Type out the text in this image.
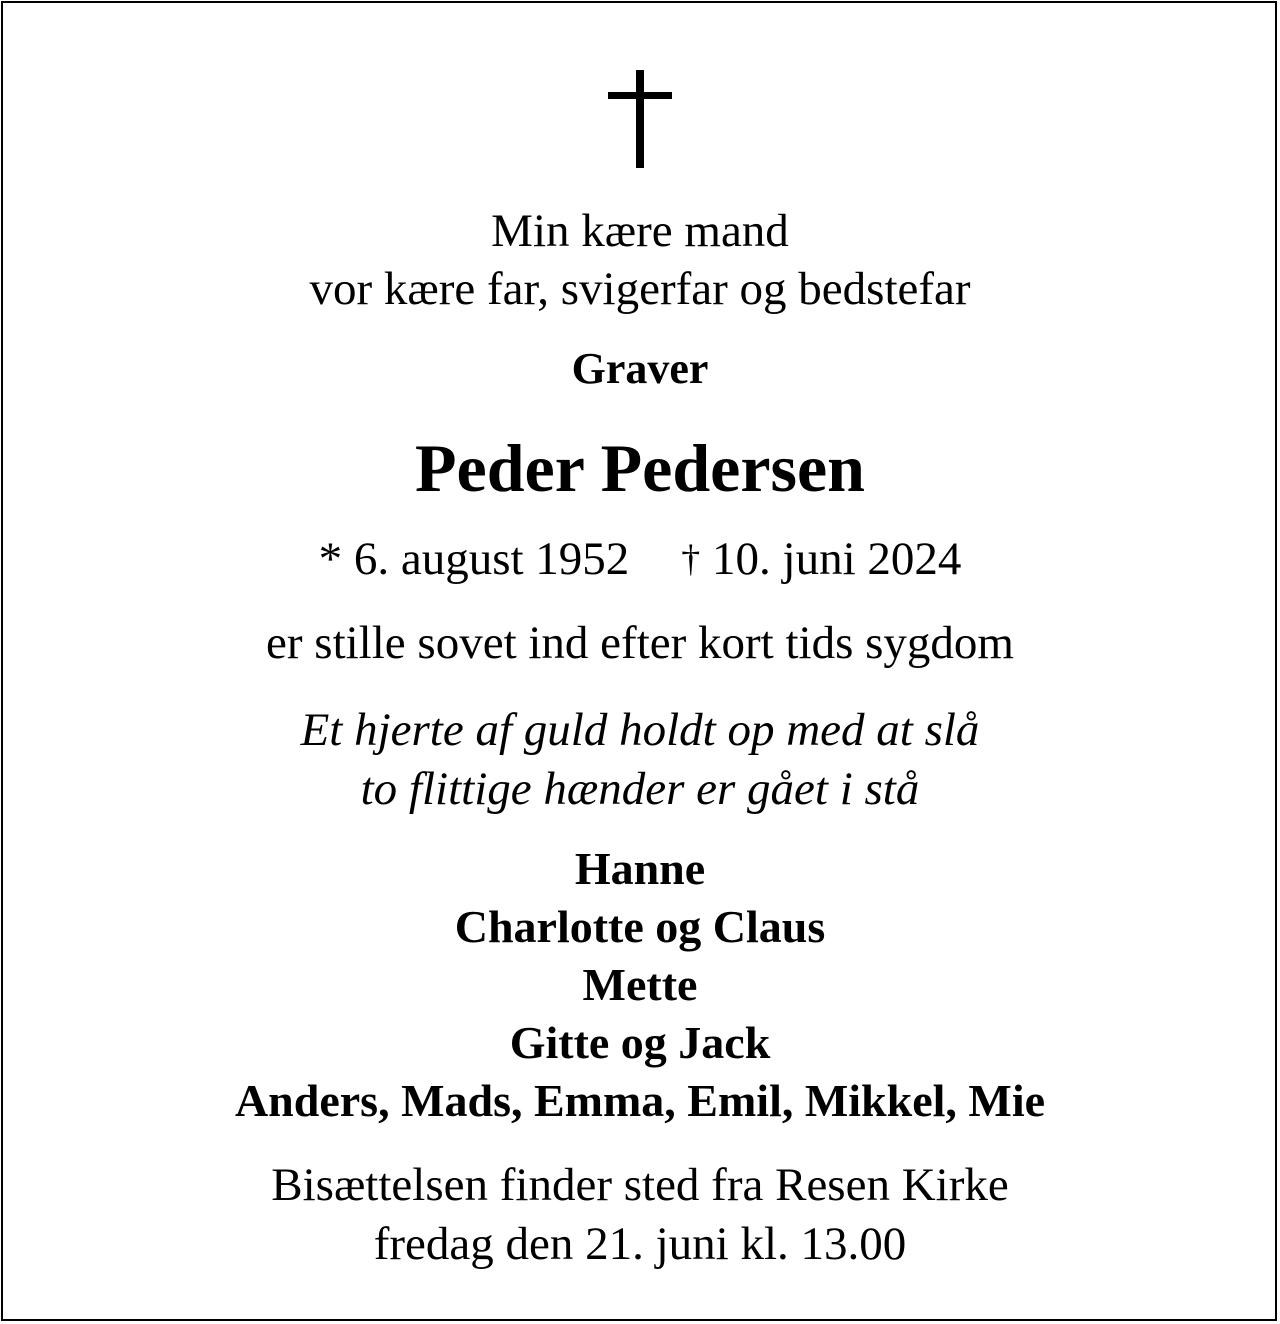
Min kære mand
vor kære far, svigerfar og bedstefar
Graver
Peder Pedersen
* 6. august 1952 † 10. juni 2024
er stille sovet ind efter kort tids sygdom
Et hjerte af guld holdt op med at slå
to flittige hænder er gået i stå
Hanne
Charlotte og Claus
Mette
Gitte og Jack
Anders, Mads, Emma, Emil, Mikkel, Mie
Bisættelsen finder sted fra Resen Kirke
fredag den 21. juni kl. 13.00
